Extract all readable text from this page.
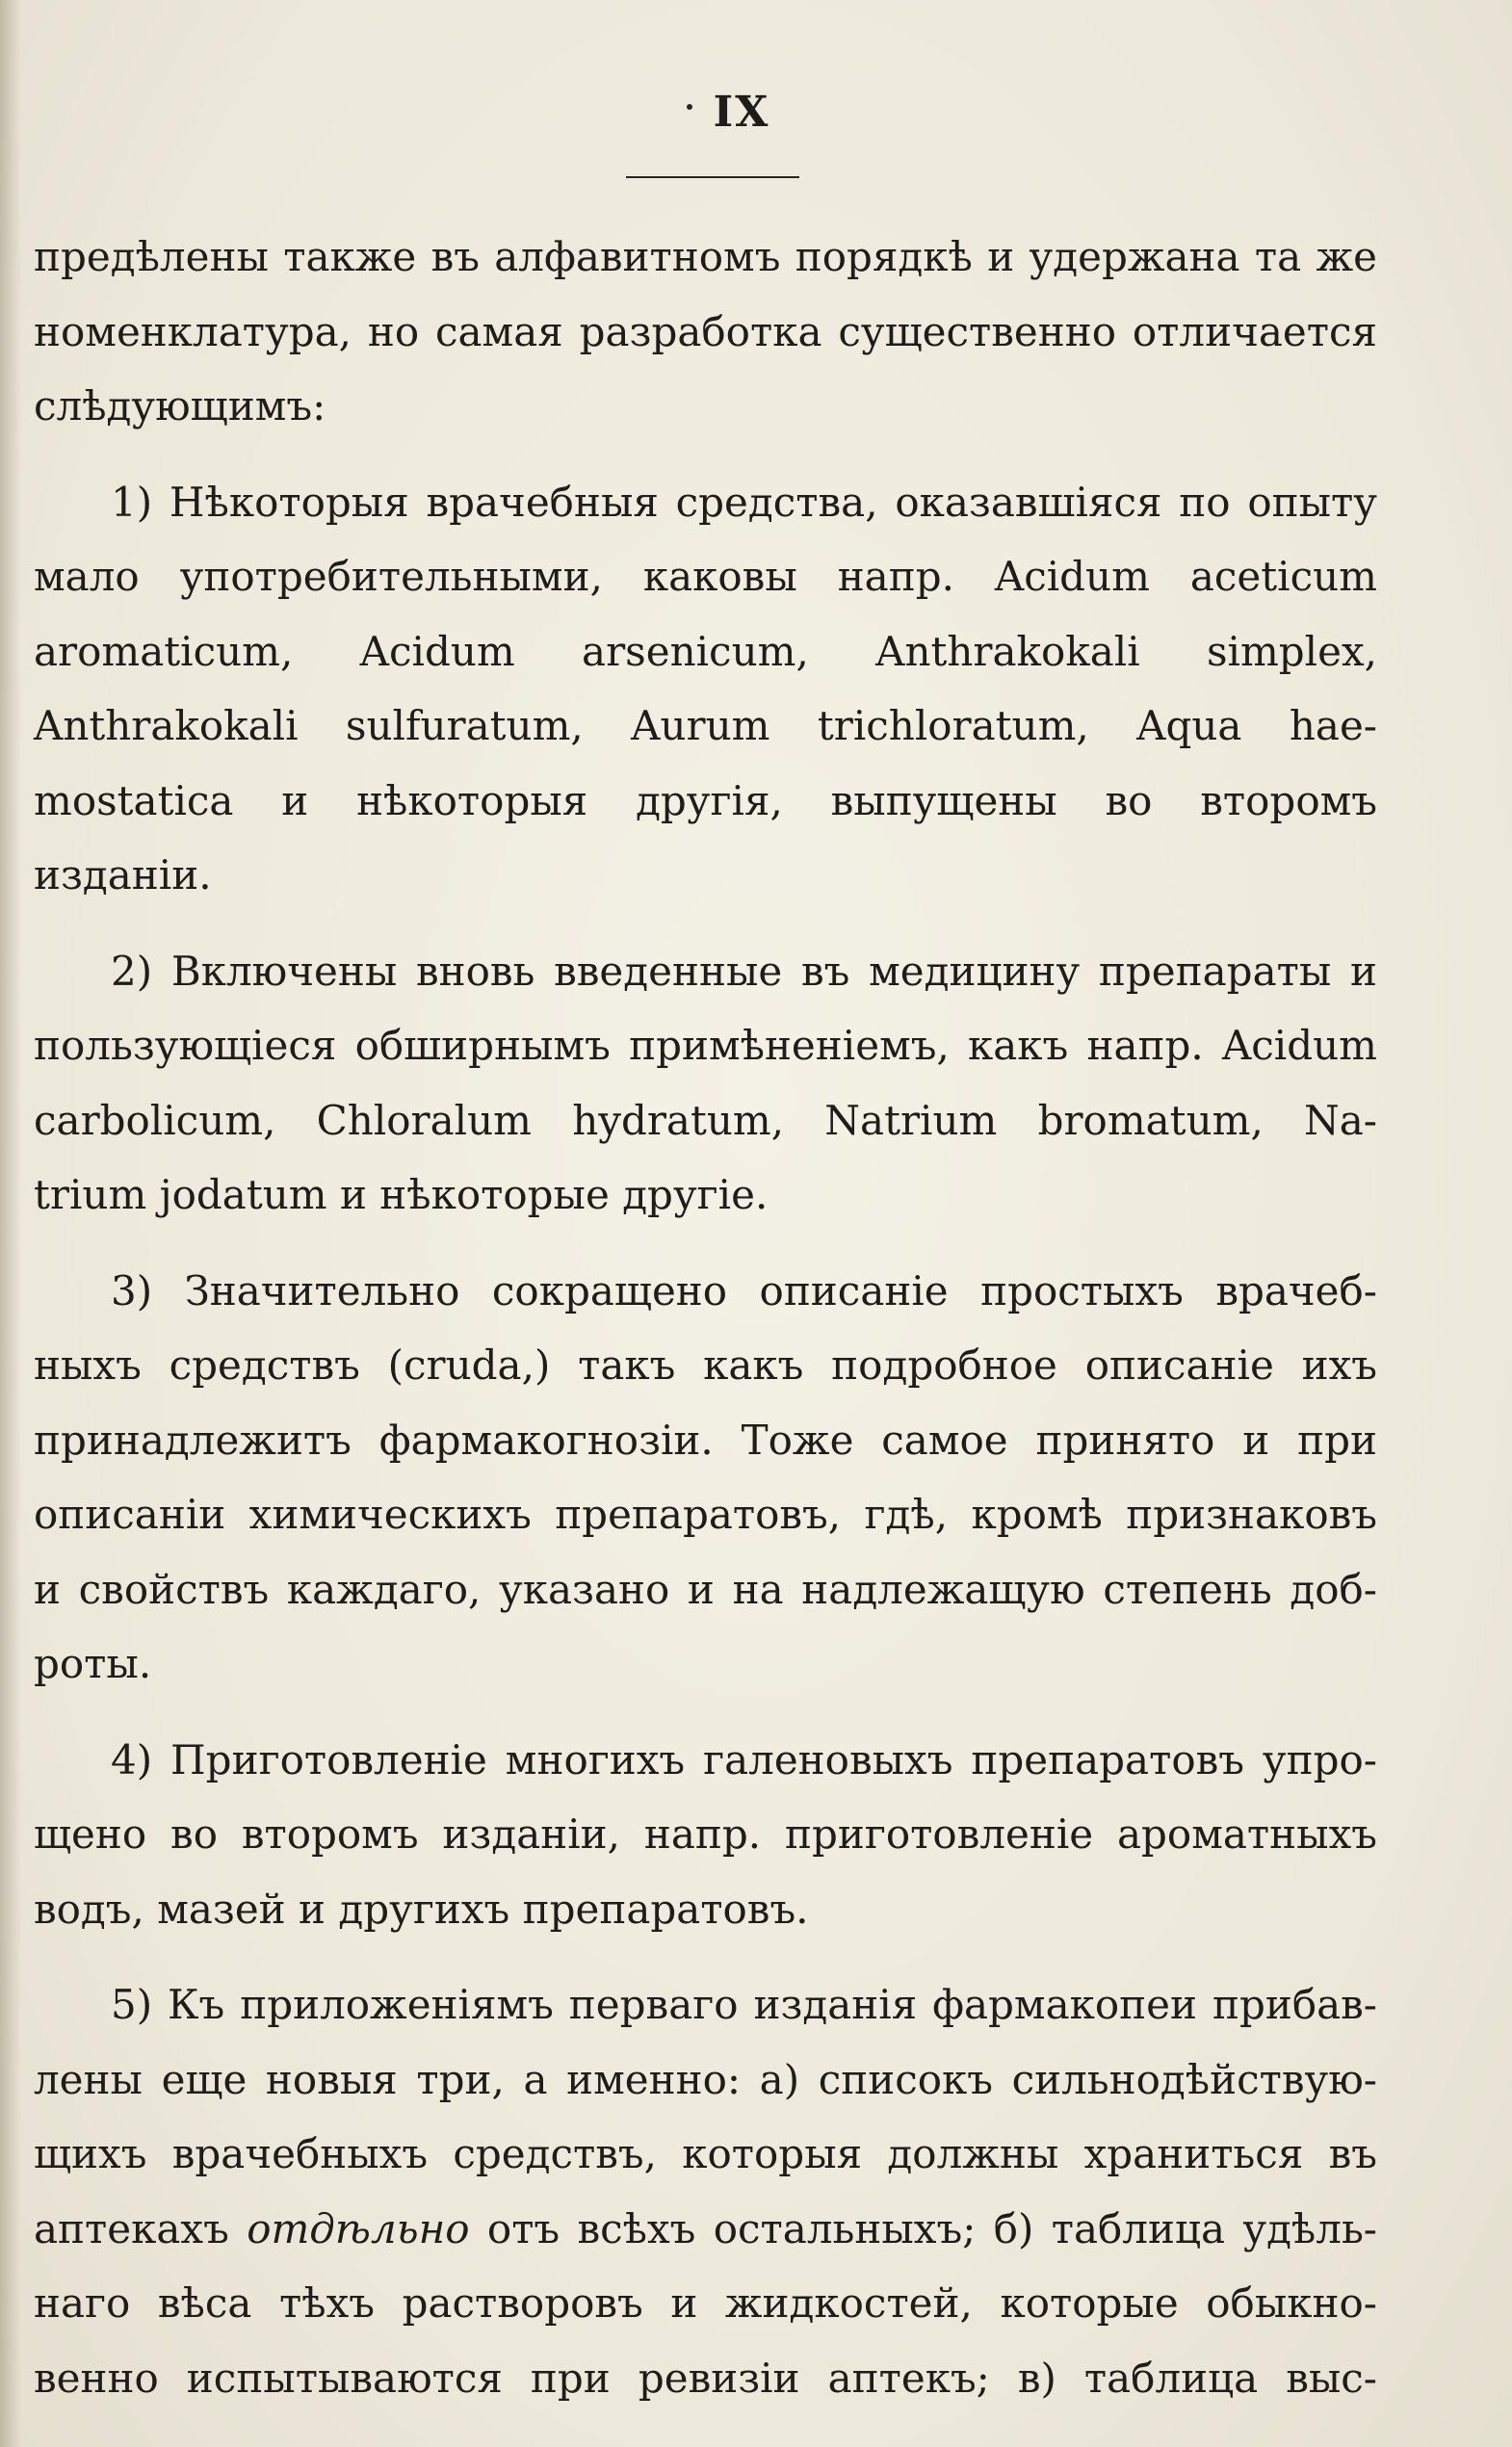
IX
предѣлены также въ алфавитномъ порядкѣ и удержана та же
номенклатура, но самая разработка существенно отличается
слѣдующимъ:
1) Нѣкоторыя врачебныя средства, оказавшіяся по опыту
мало употребительными, каковы напр. Acidum aceticum
aromaticum, Acidum arsenicum, Anthrakokali simplex,
Anthrakokali sulfuratum, Aurum trichloratum, Aqua haе-
mostatica и нѣкоторыя другія, выпущены во второмъ
изданіи.
2) Включены вновь введенные въ медицину препараты и
пользующіеся обширнымъ примѣненіемъ, какъ напр. Acidum
carbolicum, Chloralum hydratum, Natrium bromatum, Na-
trium jodatum и нѣкоторые другіе.
3) Значительно сокращено описаніе простыхъ врачеб-
ныхъ средствъ (cruda,) такъ какъ подробное описаніе ихъ
принадлежитъ фармакогнозіи. Тоже самое принято и при
описаніи химическихъ препаратовъ, гдѣ, кромѣ признаковъ
и свойствъ каждаго, указано и на надлежащую степень доб-
роты.
4) Приготовленіе многихъ галеновыхъ препаратовъ упро-
щено во второмъ изданіи, напр. приготовленіе ароматныхъ
водъ, мазей и другихъ препаратовъ.
5) Къ приложеніямъ перваго изданія фармакопеи прибав-
лены еще новыя три, а именно: а) списокъ сильнодѣйствую-
щихъ врачебныхъ средствъ, которыя должны храниться въ
аптекахъ отдѣльно отъ всѣхъ остальныхъ; б) таблица удѣль-
наго вѣса тѣхъ растворовъ и жидкостей, которые обыкно-
венно испытываются при ревизіи аптекъ; в) таблица выс-
